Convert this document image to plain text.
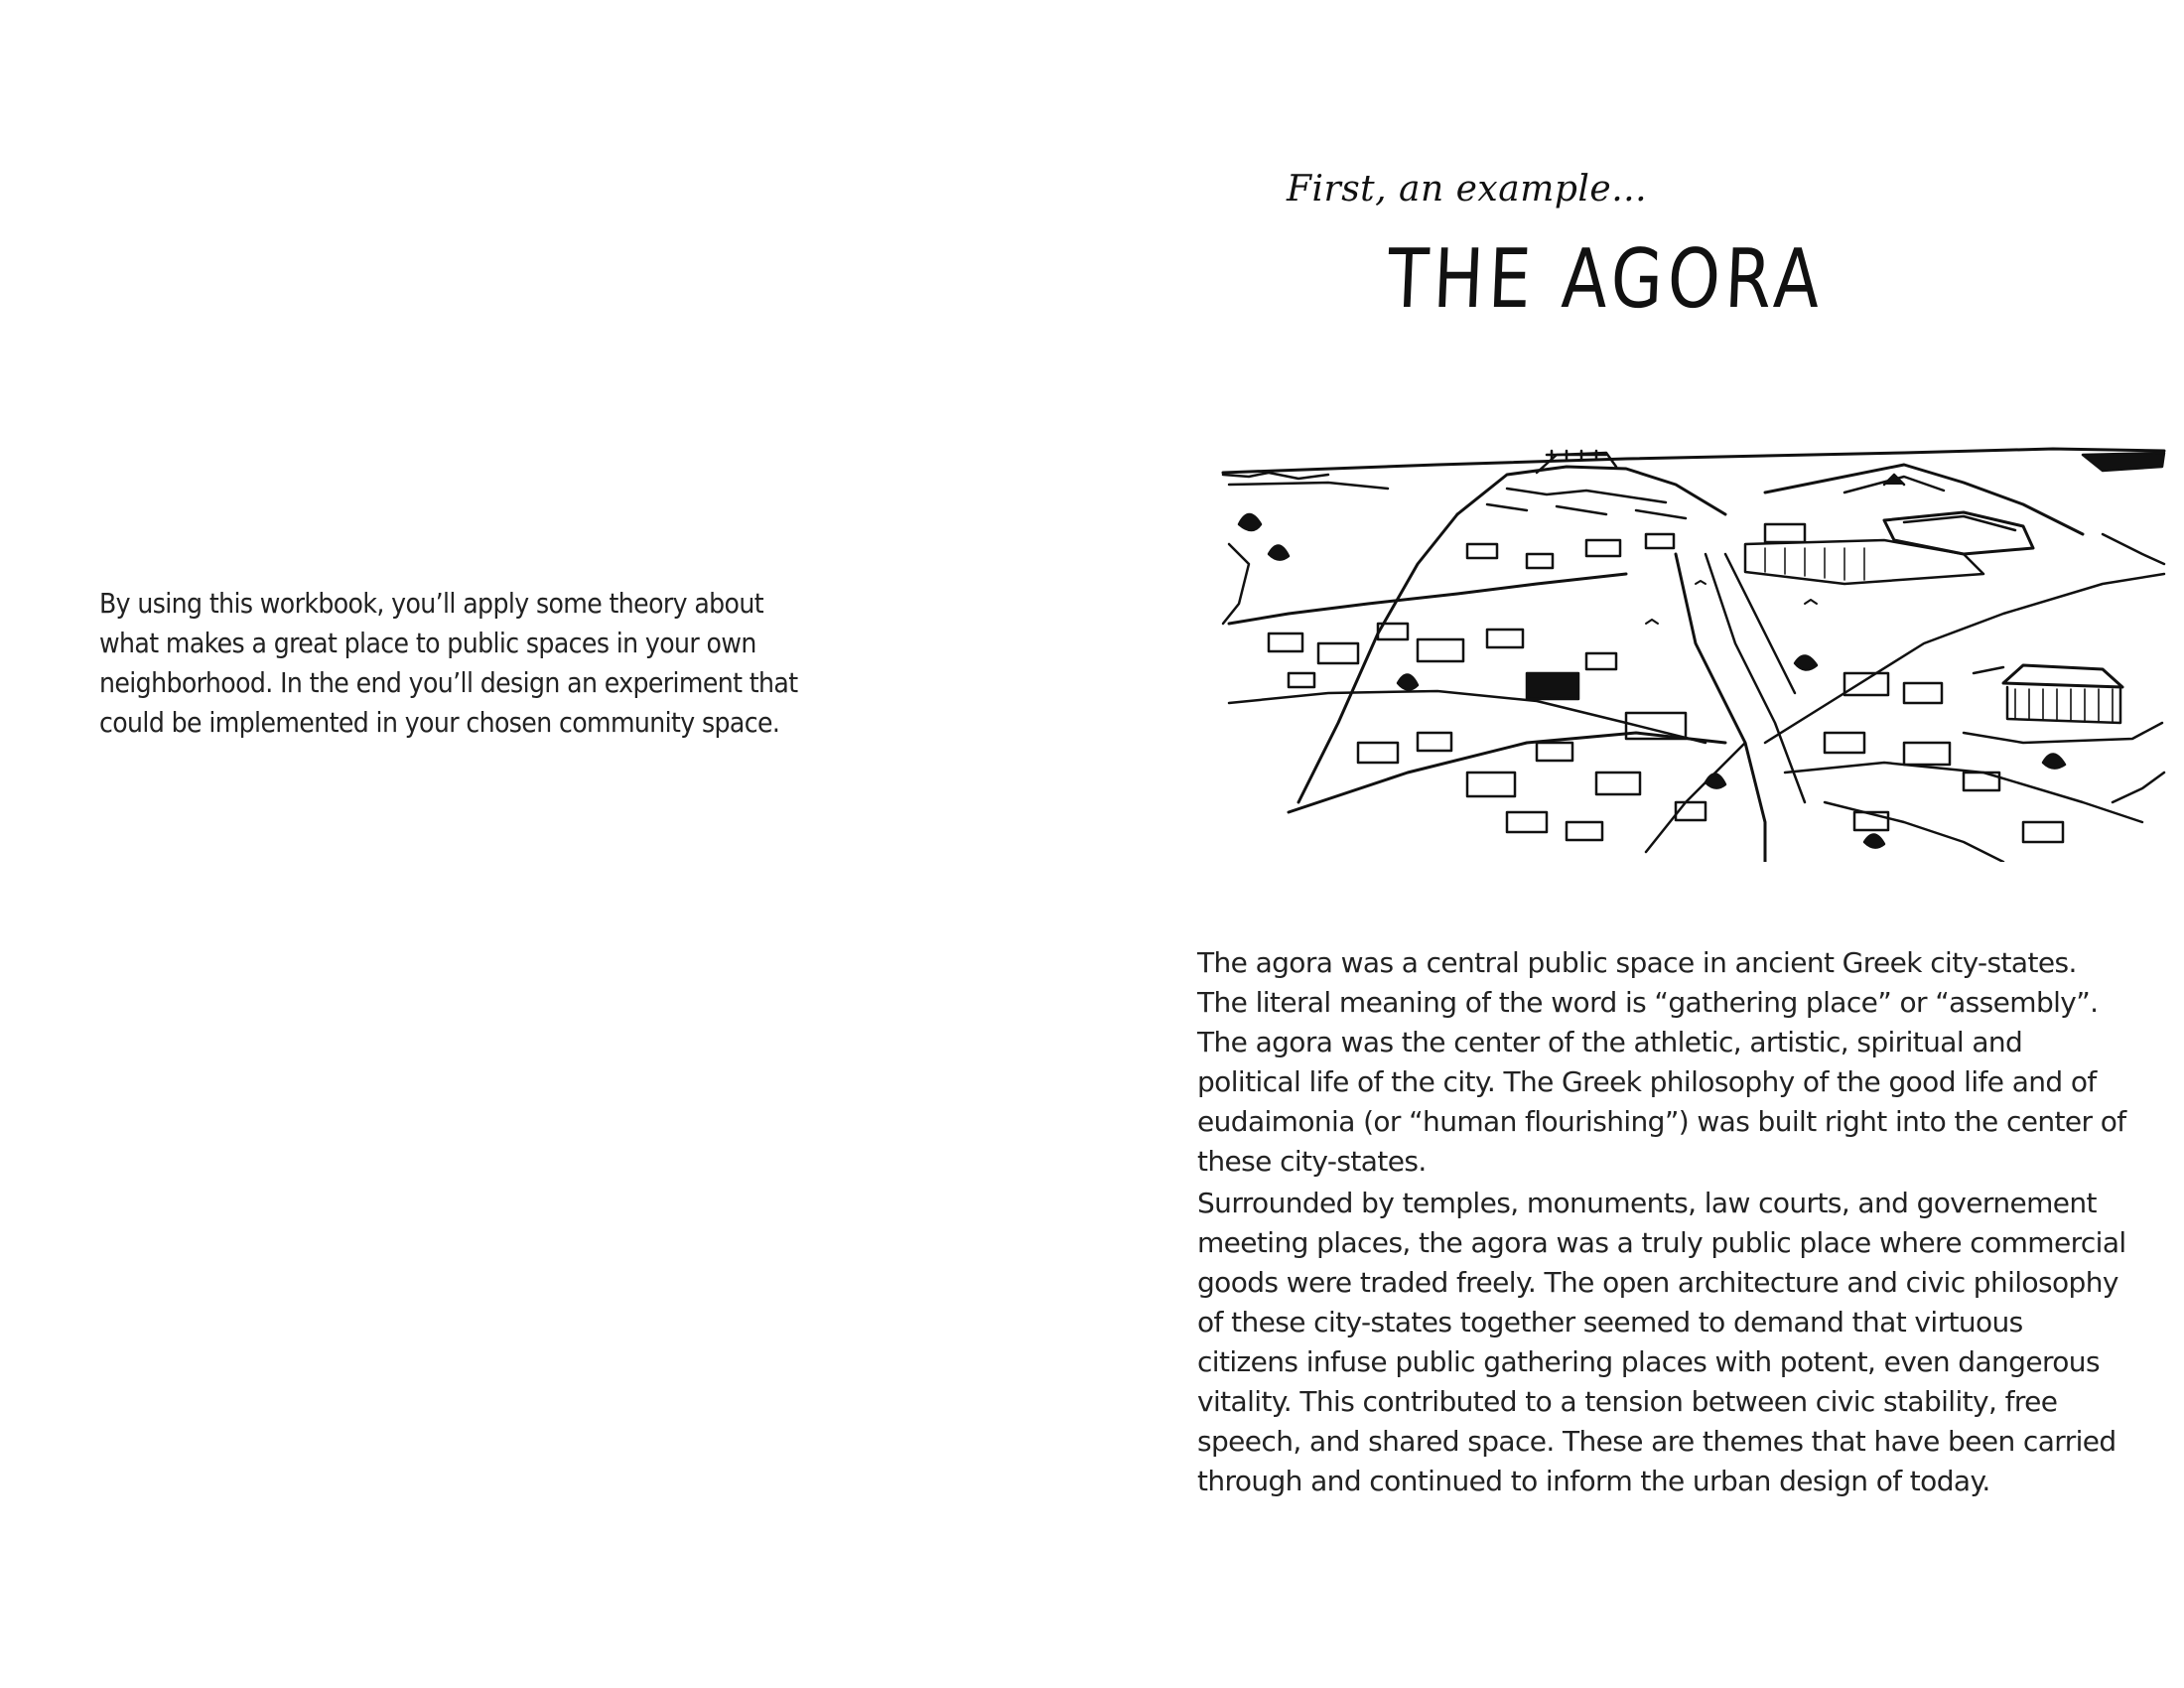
By using this workbook, you’ll apply some theory about what makes a great place to public spaces in your own neighborhood. In the end you’ll design an experiment that could be implemented in your chosen community space.

First, an example...

THE AGORA

The agora was a central public space in ancient Greek city-states. The literal meaning of the word is “gathering place” or “assembly”. The agora was the center of the athletic, artistic, spiritual and political life of the city. The Greek philosophy of the good life and of eudaimonia (or “human flourishing”) was built right into the center of these city-states.

Surrounded by temples, monuments, law courts, and governement meeting places, the agora was a truly public place where commercial goods were traded freely. The open architecture and civic philosophy of these city-states together seemed to demand that virtuous citizens infuse public gathering places with potent, even dangerous vitality. This contributed to a tension between civic stability, free speech, and shared space. These are themes that have been carried through and continued to inform the urban design of today.
